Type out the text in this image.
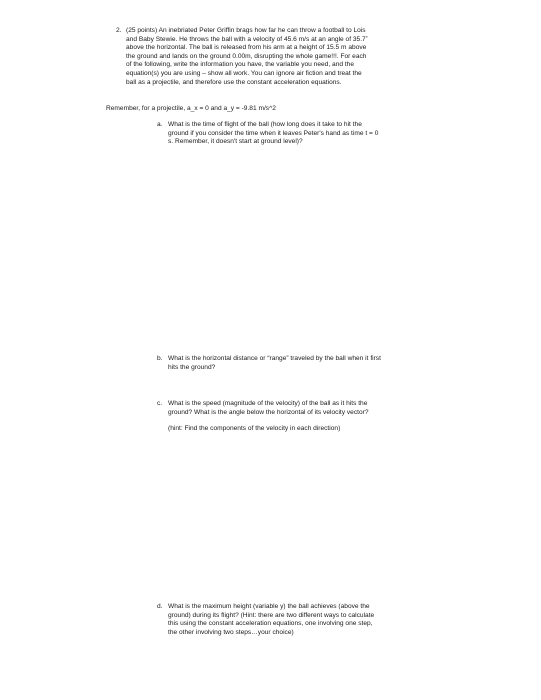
2. (25 points) An inebriated Peter Griffin brags how far he can throw a football to Lois

and Baby Stewie. He throws the ball with a velocity of 45.6 m/s at an angle of 35.7˚

above the horizontal. The ball is released from his arm at a height of 15.5 m above

the ground and lands on the ground 0.00m, disrupting the whole game!!!. For each

of the following, write the information you have, the variable you need, and the

equation(s) you are using – show all work. You can ignore air fiction and treat the

ball as a projectile, and therefore use the constant acceleration equations.

Remember, for a projectile, a_x = 0 and a_y = -9.81 m/s^2

a. What is the time of flight of the ball (how long does it take to hit the

ground if you consider the time when it leaves Peter's hand as time t = 0

s. Remember, it doesn't start at ground level)?

b. What is the horizontal distance or “range” traveled by the ball when it first

hits the ground?

c. What is the speed (magnitude of the velocity) of the ball as it hits the

ground? What is the angle below the horizontal of its velocity vector?

(hint: Find the components of the velocity in each direction)

d. What is the maximum height (variable y) the ball achieves (above the

ground) during its flight? (Hint: there are two different ways to calculate

this using the constant acceleration equations, one involving one step,

the other involving two steps…your choice)
